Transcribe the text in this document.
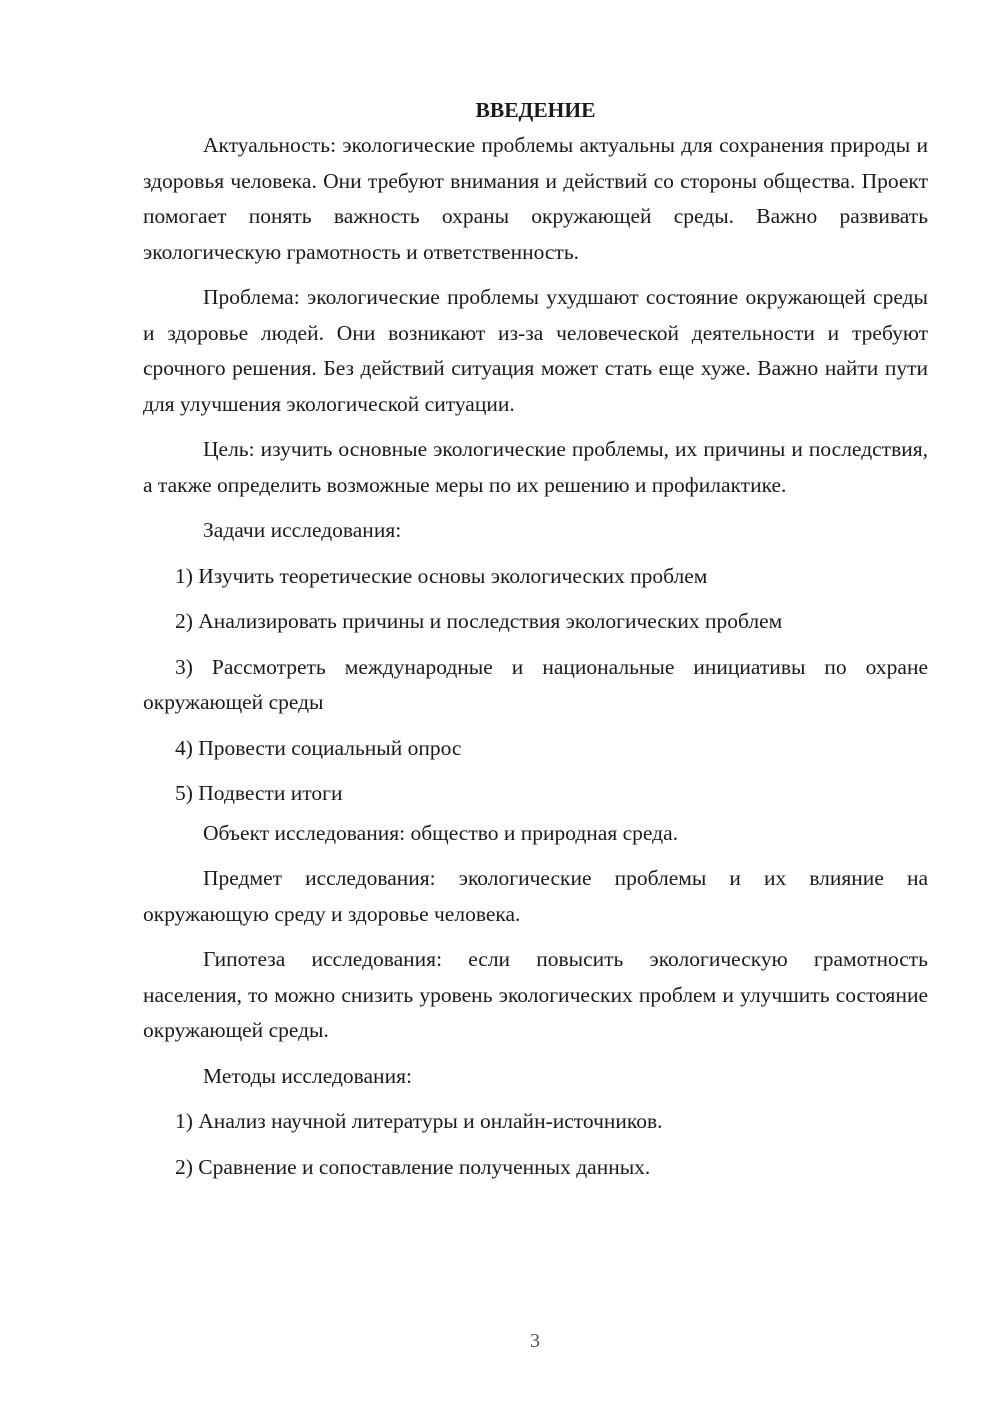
ВВЕДЕНИЕ

Актуальность: экологические проблемы актуальны для сохранения природы и здоровья человека. Они требуют внимания и действий со стороны общества. Проект помогает понять важность охраны окружающей среды. Важно развивать экологическую грамотность и ответственность.

Проблема: экологические проблемы ухудшают состояние окружающей среды и здоровье людей. Они возникают из-за человеческой деятельности и требуют срочного решения. Без действий ситуация может стать еще хуже. Важно найти пути для улучшения экологической ситуации.

Цель: изучить основные экологические проблемы, их причины и последствия, а также определить возможные меры по их решению и профилактике.

Задачи исследования:

1) Изучить теоретические основы экологических проблем

2) Анализировать причины и последствия экологических проблем

3) Рассмотреть международные и национальные инициативы по охране окружающей среды

4) Провести социальный опрос

5) Подвести итоги

Объект исследования: общество и природная среда.

Предмет исследования: экологические проблемы и их влияние на окружающую среду и здоровье человека.

Гипотеза исследования: если повысить экологическую грамотность населения, то можно снизить уровень экологических проблем и улучшить состояние окружающей среды.

Методы исследования:

1) Анализ научной литературы и онлайн-источников.

2) Сравнение и сопоставление полученных данных.

3
